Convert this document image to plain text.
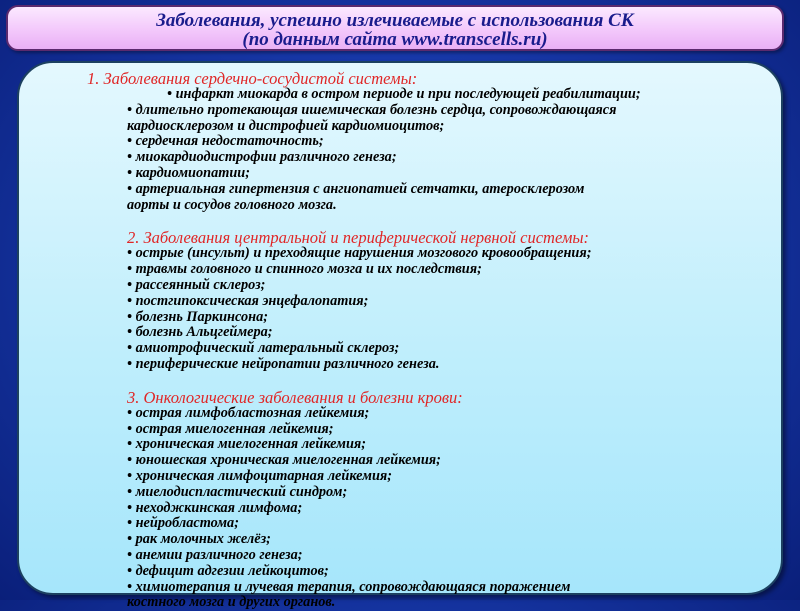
Заболевания, успешно излечиваемые с использования СК
(по данным сайта www.transcells.ru)
1. Заболевания сердечно-сосудистой системы:
• инфаркт миокарда в остром периоде и при последующей реабилитации;
• длительно протекающая ишемическая болезнь сердца, сопровождающаяся
кардиосклерозом и дистрофией кардиомиоцитов;
• сердечная недостаточность;
• миокардиодистрофии различного генеза;
• кардиомиопатии;
• артериальная гипертензия с ангиопатией сетчатки, атеросклерозом
аорты и сосудов головного мозга.
2. Заболевания центральной и периферической нервной системы:
• острые (инсульт) и преходящие нарушения мозгового кровообращения;
• травмы головного и спинного мозга и их последствия;
• рассеянный склероз;
• постгипоксическая энцефалопатия;
• болезнь Паркинсона;
• болезнь Альцгеймера;
• амиотрофический латеральный склероз;
• периферические нейропатии различного генеза.
3. Онкологические заболевания и болезни крови:
• острая лимфобластозная лейкемия;
• острая миелогенная лейкемия;
• хроническая миелогенная лейкемия;
• юношеская хроническая миелогенная лейкемия;
• хроническая лимфоцитарная лейкемия;
• миелодиспластический синдром;
• неходжкинская лимфома;
• нейробластома;
• рак молочных желёз;
• анемии различного генеза;
• дефицит адгезии лейкоцитов;
• химиотерапия и лучевая терапия, сопровождающаяся поражением
костного мозга и других органов.
